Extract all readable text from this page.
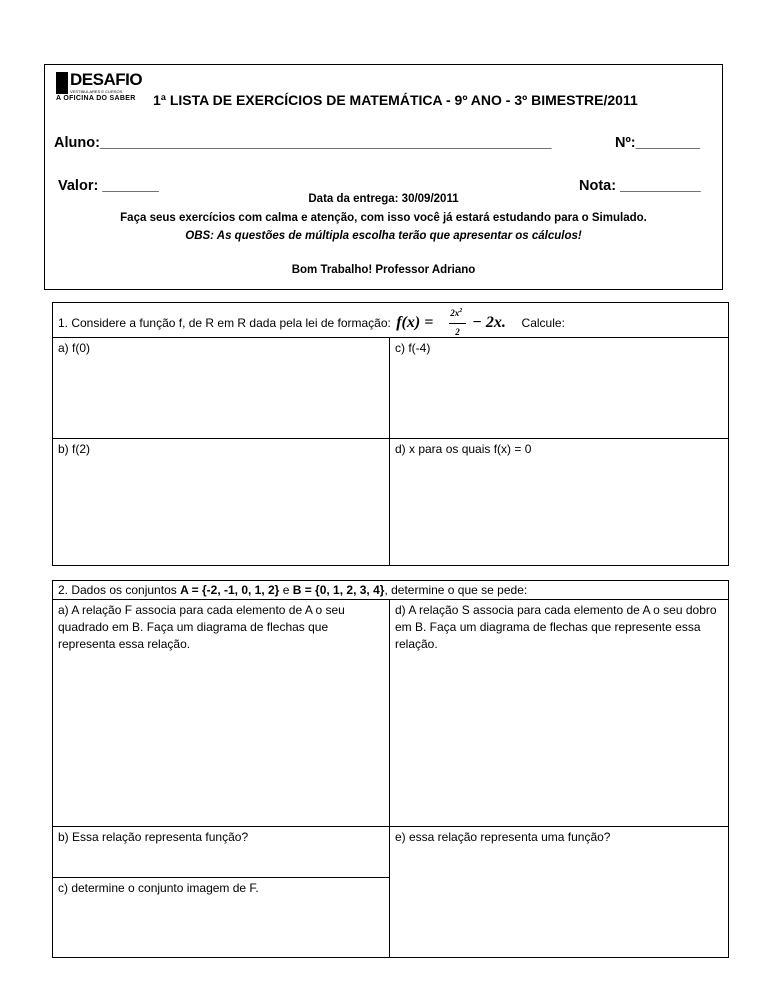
DESAFIO
VESTIBULARES E CURSOS
A OFICINA DO SABER 1ª LISTA DE EXERCÍCIOS DE MATEMÁTICA - 9º ANO - 3º BIMESTRE/2011
Aluno:________________________________________________________	Nº:________
Valor: _______	Nota: __________
Data da entrega: 30/09/2011
Faça seus exercícios com calma e atenção, com isso você já estará estudando para o Simulado.
OBS: As questões de múltipla escolha terão que apresentar os cálculos!
Bom Trabalho! Professor Adriano
1. Considere a função f, de R em R dada pela lei de formação: f(x) =
$2x^2$
2
− 2x. Calcule:
a) f(0)	c) f(-4)
b) f(2)	d) x para os quais f(x) = 0
2. Dados os conjuntos A = {-2, -1, 0, 1, 2} e B = {0, 1, 2, 3, 4}, determine o que se pede:
a) A relação F associa para cada elemento de A o seu quadrado em B. Faça um diagrama de flechas que representa essa relação.
d) A relação S associa para cada elemento de A o seu dobro em B. Faça um diagrama de flechas que represente essa relação.
b) Essa relação representa função?	e) essa relação representa uma função?
c) determine o conjunto imagem de F.
